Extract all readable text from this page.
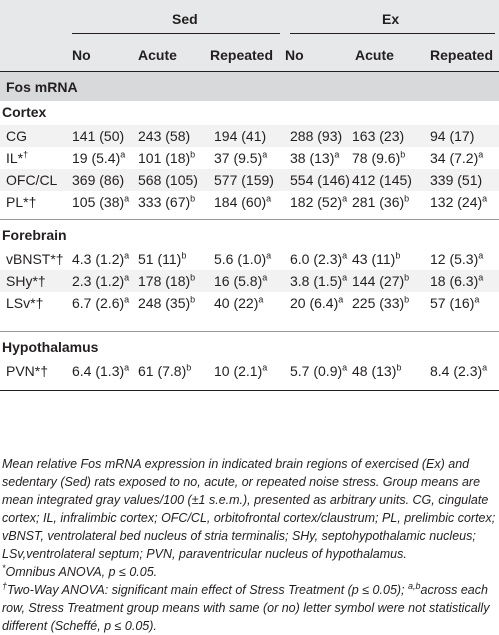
Sed	Ex
No	Acute Repeated No	Acute	Repeated
Fos mRNA
Cortex
CG	141 (50) 243 (58) 194 (41) 288 (93) 163 (23) 94 (17)
IL*†	19 $(5.4)^a$ 101 $(18)^b$ 37 $(9.5)^a$ 38 $(13)^a$ 78 $(9.6)^b$ 34 $(7.2)^a$
OFC/CL 369 (86) 568 (105) 577 (159) 554 (146) 412 (145) 339 (51)
PL*†	105 $(38)^a$ 333 $(67)^b$ 184 $(60)^a$ 182 $(52)^a$ 281 $(36)^b$ 132 $(24)^a$
Forebrain
vBNST*† 4.3 $(1.2)^a$ 51 $(11)^b$ 5.6 $(1.0)^a$ 6.0 $(2.3)^a$ 43 $(11)^b$ 12 $(5.3)^a$
SHy*† 2.3 $(1.2)^a$ 178 $(18)^b$ 16 $(5.8)^a$ 3.8 $(1.5)^a$ 144 $(27)^b$ 18 $(6.3)^a$
LSv*† 6.7 $(2.6)^a$ 248 $(35)^b$ 40 $(22)^a$ 20 $(6.4)^a$ 225 $(33)^b$ 57 $(16)^a$
Hypothalamus
PVN*† 6.4 $(1.3)^a$ 61 $(7.8)^b$ 10 $(2.1)^a$ 5.7 $(0.9)^a$ 48 $(13)^b$ 8.4 $(2.3)^a$

Mean relative Fos mRNA expression in indicated brain regions of exercised (Ex) and sedentary (Sed) rats exposed to no, acute, or repeated noise stress. Group means are mean integrated gray values/100 (±1 s.e.m.), presented as arbitrary units. CG, cingulate cortex; IL, infralimbic cortex; OFC/CL, orbitofrontal cortex/claustrum; PL, prelimbic cortex; vBNST, ventrolateral bed nucleus of stria terminalis; SHy, septohypothalamic nucleus; LSv,ventrolateral septum; PVN, paraventricular nucleus of hypothalamus.

*Omnibus ANOVA, p ≤ 0.05.

†Two-Way ANOVA: significant main effect of Stress Treatment (p ≤ 0.05); $^{a,b}$across each row, Stress Treatment group means with same (or no) letter symbol were not statistically different (Scheffé, p ≤ 0.05).
